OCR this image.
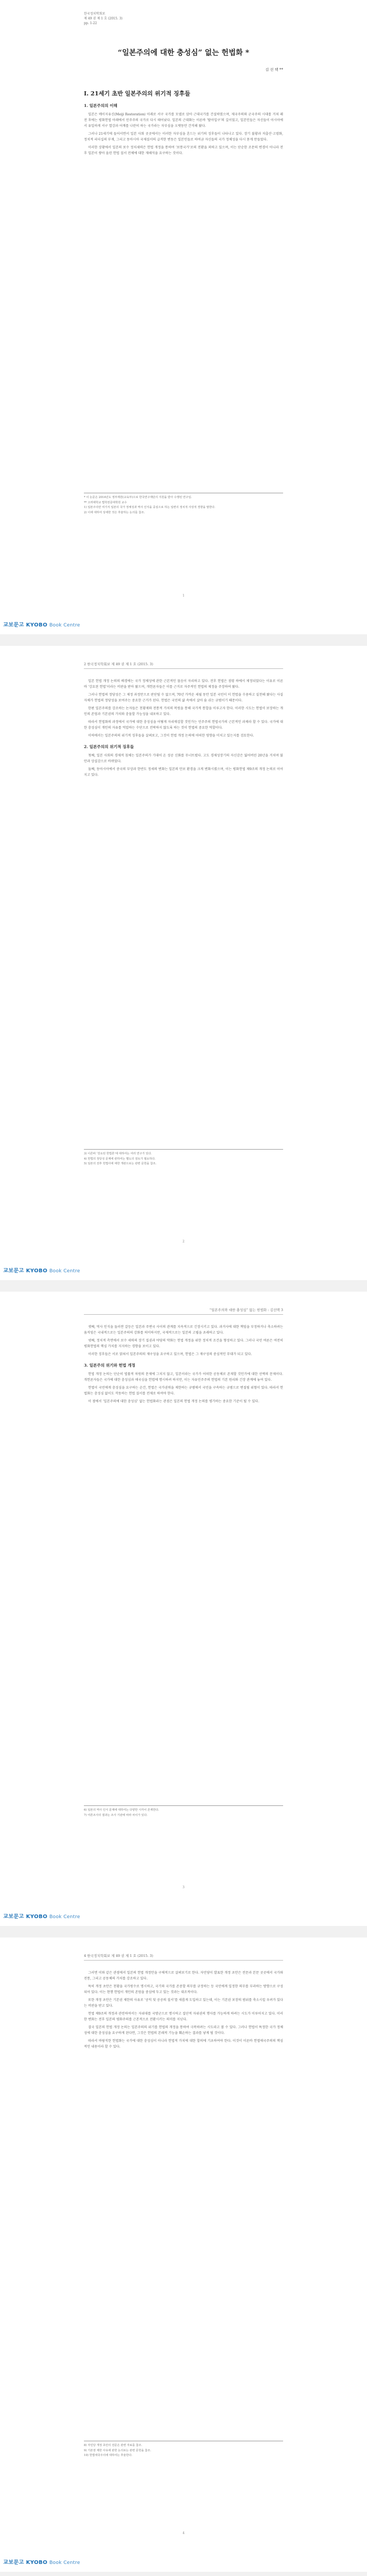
한국정치학회보
제 49 권 제 1 호 (2015. 3)
pp. 1-22
“일본주의에 대한 충성심” 없는 헌법화 *
김 선 택 **
Ⅰ. 21세기 초반 일본주의의 위기적 징후들
1. 일본주의의 이해

일본은 메이지유신(Meiji Restoration) 이래로 서구 국가를 모델로 삼아 근대국가를 건설하였으며, 제국주의와 군국주의 시대를 거쳐 패전 후에는 평화헌법 아래에서 민주주의 국가로 다시 태어났다. 일본의 근대화는 이른바 ‘탈아입구’의 길이었고, 일본인들은 자신들이 아시아에서 유일하게 서구 열강과 어깨를 나란히 하는 국가라는 자부심을 오랫동안 간직해 왔다.

그러나 21세기에 들어서면서 일본 사회 곳곳에서는 이러한 자부심을 흔드는 위기의 징후들이 나타나고 있다. 장기 불황과 저출산·고령화, 정치적 리더십의 부재, 그리고 동아시아 국제질서의 급격한 변동은 일본인들로 하여금 자신들의 국가 정체성을 다시 묻게 만들었다.

이러한 상황에서 일본의 보수 정치세력은 헌법 개정을 통하여 ‘보통국가’로의 전환을 꾀하고 있으며, 이는 단순한 조문의 변경이 아니라 전후 일본이 쌓아 올린 헌법 질서 전체에 대한 재해석을 요구하는 것이다.

* 이 논문은 2014년도 정부재원(교육부)으로 한국연구재단의 지원을 받아 수행된 연구임.
** 고려대학교 법학전문대학원 교수
1) 일본주의란 여기서 일본의 국가 정체성과 역사 인식을 중심으로 하는 일련의 정치적 사상적 경향을 말한다.
2) 이에 대하여 상세한 것은 후술하는 논의를 참조.
1
교보문고 KYOBO Book Centre
2 한국정치학회보 제 49 권 제 1 호 (2015. 3)

일본 헌법 개정 논의의 배경에는 국가 정체성에 관한 근본적인 물음이 자리하고 있다. 전후 헌법은 점령 하에서 제정되었다는 이유로 이른바 ‘강요된 헌법’이라는 비판을 받아 왔으며, 개헌론자들은 이를 근거로 자주적인 헌법의 제정을 주장하여 왔다.

그러나 헌법의 정당성은 그 제정 과정만으로 판단될 수 없으며, 70년 가까운 세월 동안 일본 국민이 이 헌법을 수용하고 실천해 왔다는 사실 자체가 헌법의 정당성을 보여주는 중요한 근거가 된다. 헌법은 국민의 삶 속에서 살아 숨 쉬는 규범이기 때문이다.

한편 일본주의를 강조하는 논자들은 천황제와 전통적 가치의 복원을 통해 국가적 통합을 이루고자 한다. 이러한 시도는 헌법이 보장하는 개인의 존엄과 기본권의 가치와 충돌할 가능성을 내포하고 있다.

따라서 헌법화의 과정에서 국가에 대한 충성심을 어떻게 자리매김할 것인가는 민주주의 헌법국가의 근본적인 과제라 할 수 있다. 국가에 대한 충성심이 개인의 자유를 억압하는 수단으로 전락하지 않도록 하는 것이 헌법의 중요한 역할이다.

이하에서는 일본주의의 위기적 징후들을 살펴보고, 그것이 헌법 개정 논의에 어떠한 영향을 미치고 있는지를 검토한다.

2. 일본주의의 위기적 징후들

첫째, 일본 사회의 경제적 침체는 일본주의가 기대어 온 성공 신화를 무너뜨렸다. 고도 경제성장기의 자신감은 잃어버린 20년을 거치며 불안과 상실감으로 바뀌었다.

둘째, 동아시아에서 중국의 부상과 한반도 정세의 변화는 일본의 안보 환경을 크게 변화시켰으며, 이는 평화헌법 제9조의 개정 논의로 이어지고 있다.

3) 이른바 ‘강요된 헌법론’에 대하여는 여러 연구가 있다.
4) 헌법의 정당성 문제에 관하여는 별도의 검토가 필요하다.
5) 일본의 전후 헌법사에 대한 개관으로는 관련 문헌을 참조.
2
교보문고 KYOBO Book Centre
“일본주의와 대한 충성심” 없는 헌법화 : 김선택 3

셋째, 역사 인식을 둘러싼 갈등은 일본과 주변국 사이의 관계를 지속적으로 긴장시키고 있다. 과거사에 대한 책임을 부정하거나 축소하려는 움직임은 국내적으로는 일본주의의 강화를 의미하지만, 국제적으로는 일본의 고립을 초래하고 있다.

넷째, 정치적 측면에서 보수 세력의 장기 집권과 야당의 약화는 헌법 개정을 위한 정치적 조건을 형성하고 있다. 그러나 국민 여론은 여전히 평화헌법의 핵심 가치를 지지하는 경향을 보이고 있다.

이러한 징후들은 서로 얽혀서 일본주의의 재구성을 요구하고 있으며, 헌법은 그 재구성의 중심적인 무대가 되고 있다.

3. 일본주의 위기와 헌법 개정

헌법 개정 논의는 단순히 법률적 차원의 문제에 그치지 않고, 일본이라는 국가가 어떠한 공동체로 존재할 것인가에 대한 선택의 문제이다. 개헌론자들은 국가에 대한 충성심과 애국심을 헌법에 명시하려 하지만, 이는 자유민주주의 헌법의 기본 원리와 긴장 관계에 놓여 있다.

헌법이 국민에게 충성심을 요구하는 순간, 헌법은 국가권력을 제한하는 규범에서 국민을 구속하는 규범으로 변질될 위험이 있다. 따라서 헌법화는 충성심 없이도 작동하는 헌법 질서를 전제로 하여야 한다.

이 점에서 ‘일본주의에 대한 충성심’ 없는 헌법화라는 관점은 일본의 헌법 개정 논의를 평가하는 중요한 기준이 될 수 있다.

6) 일본의 역사 인식 문제에 대하여는 다양한 시각이 존재한다.
7) 여론조사의 결과는 조사 기관에 따라 차이가 있다.
3
교보문고 KYOBO Book Centre
4 한국정치학회보 제 49 권 제 1 호 (2015. 3)

그러면 이와 같은 관점에서 일본의 헌법 개정안을 구체적으로 살펴보기로 한다. 자민당이 발표한 개정 초안은 전문과 본문 곳곳에서 국가와 전통, 그리고 공동체의 가치를 강조하고 있다.

특히 개정 초안은 천황을 국가원수로 명시하고, 국기와 국가를 존중할 의무를 규정하는 등 국민에게 일정한 의무를 부과하는 방향으로 구성되어 있다. 이는 현행 헌법이 개인의 존엄을 중심에 두고 있는 것과는 대조적이다.

또한 개정 초안은 기본권 제한의 사유로 ‘공익 및 공공의 질서’를 새롭게 도입하고 있는데, 이는 기본권 보장의 범위를 축소시킬 우려가 있다는 비판을 받고 있다.

헌법 제9조의 개정과 관련하여서는 자위대를 국방군으로 명시하고 집단적 자위권의 행사를 가능하게 하려는 시도가 이루어지고 있다. 이러한 변화는 전후 일본의 평화주의를 근본적으로 전환시키는 의미를 지닌다.

결국 일본의 헌법 개정 논의는 일본주의의 위기를 헌법의 개정을 통하여 극복하려는 시도라고 볼 수 있다. 그러나 헌법이 특정한 국가 정체성에 대한 충성심을 요구하게 된다면, 그것은 헌법의 본래적 기능을 훼손하는 결과를 낳게 될 것이다.

따라서 바람직한 헌법화는 국가에 대한 충성심이 아니라 헌법적 가치에 대한 합의에 기초하여야 한다. 이것이 이른바 헌법애국주의의 핵심적인 내용이라 할 수 있다.

8) 자민당 개정 초안의 전문은 관련 자료를 참조.
9) 기본권 제한 사유에 관한 논의로는 관련 문헌을 참조.
10) 헌법애국주의에 대하여는 후술한다.
4
교보문고 KYOBO Book Centre
